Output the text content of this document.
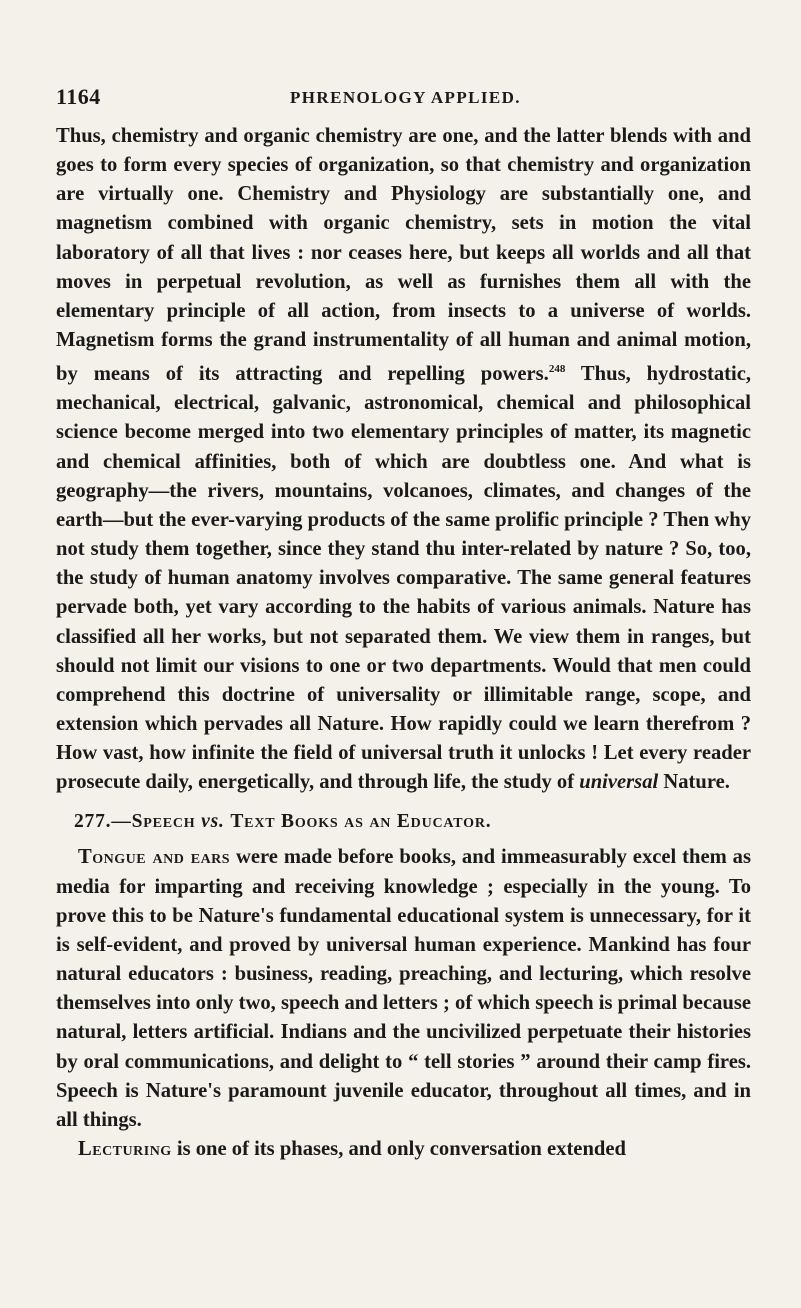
1164	PHRENOLOGY APPLIED.

Thus, chemistry and organic chemistry are one, and the latter blends with and goes to form every species of organization, so that chemistry and organization are virtually one. Chemistry and Physiology are substantially one, and magnetism combined with organic chemistry, sets in motion the vital laboratory of all that lives : nor ceases here, but keeps all worlds and all that moves in perpetual revolution, as well as furnishes them all with the elementary principle of all action, from insects to a universe of worlds. Magnetism forms the grand instrumentality of all human and animal motion, by means of its attracting and repelling powers.$^{248}$ Thus, hydrostatic, mechanical, electrical, galvanic, astronomical, chemical and philosophical science become merged into two elementary principles of matter, its magnetic and chemical affinities, both of which are doubtless one. And what is geography—the rivers, mountains, volcanoes, climates, and changes of the earth—but the ever-varying products of the same prolific principle ? Then why not study them together, since they stand thu inter-related by nature ? So, too, the study of human anatomy involves comparative. The same general features pervade both, yet vary according to the habits of various animals. Nature has classified all her works, but not separated them. We view them in ranges, but should not limit our visions to one or two departments. Would that men could comprehend this doctrine of universality or illimitable range, scope, and extension which pervades all Nature. How rapidly could we learn therefrom ? How vast, how infinite the field of universal truth it unlocks ! Let every reader prosecute daily, energetically, and through life, the study of universal Nature.

277.—Speech vs. Text Books as an Educator.

Tongue and ears were made before books, and immeasurably excel them as media for imparting and receiving knowledge ; especially in the young. To prove this to be Nature's fundamental educational system is unnecessary, for it is self-evident, and proved by universal human experience. Mankind has four natural educators : business, reading, preaching, and lecturing, which resolve themselves into only two, speech and letters ; of which speech is primal because natural, letters artificial. Indians and the uncivilized perpetuate their histories by oral communications, and delight to “ tell stories ” around their camp fires. Speech is Nature's paramount juvenile educator, throughout all times, and in all things.

Lecturing is one of its phases, and only conversation extended
